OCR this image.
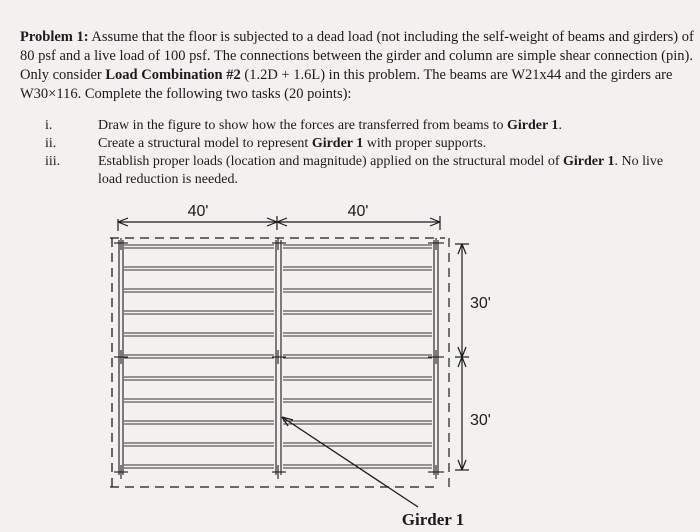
Problem 1: Assume that the floor is subjected to a dead load (not including the self-weight of beams and girders) of
80 psf and a live load of 100 psf. The connections between the girder and column are simple shear connection (pin).
Only consider Load Combination #2 (1.2D + 1.6L) in this problem. The beams are W21x44 and the girders are
W30×116. Complete the following two tasks (20 points):
i.	Draw in the figure to show how the forces are transferred from beams to Girder 1.
ii.	Create a structural model to represent Girder 1 with proper supports.
iii.	Establish proper loads (location and magnitude) applied on the structural model of Girder 1. No live
load reduction is needed.
40'	40'
30'
30'
Girder 1
